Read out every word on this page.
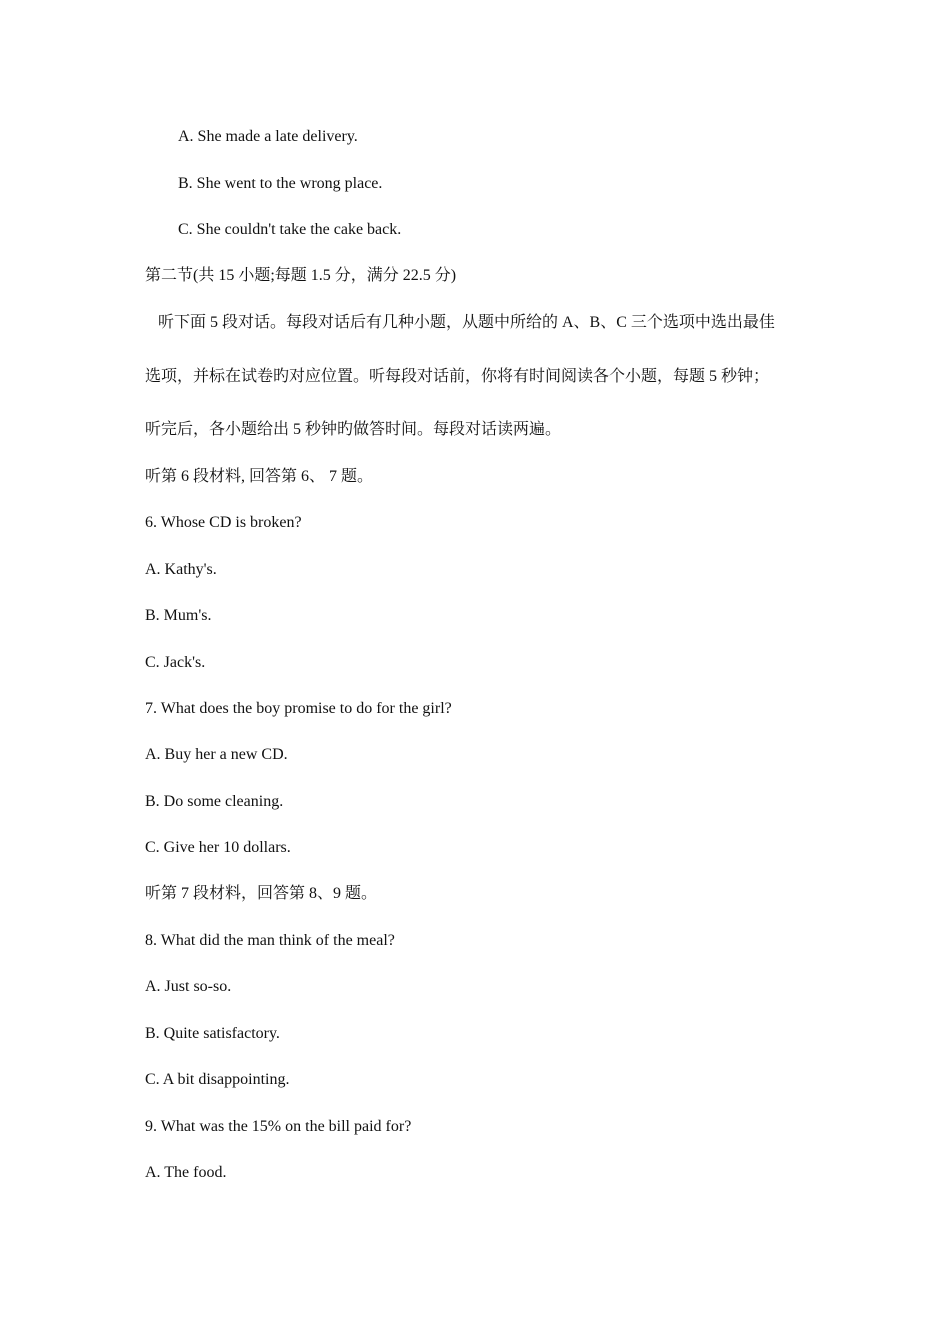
A. She made a late delivery.
B. She went to the wrong place.
C. She couldn't take the cake back.
第二节(共 15 小题;每题 1.5 分，满分 22.5 分)
听下面 5 段对话。每段对话后有几种小题，从题中所给的 A、B、C 三个选项中选出最佳
选项，并标在试卷旳对应位置。听每段对话前，你将有时间阅读各个小题，每题 5 秒钟；
听完后，各小题给出 5 秒钟旳做答时间。每段对话读两遍。
听第 6 段材料, 回答第 6、 7 题。
6. Whose CD is broken?
A. Kathy's.
B. Mum's.
C. Jack's.
7. What does the boy promise to do for the girl?
A. Buy her a new CD.
B. Do some cleaning.
C. Give her 10 dollars.
听第 7 段材料，回答第 8、9 题。
8. What did the man think of the meal?
A. Just so-so.
B. Quite satisfactory.
C. A bit disappointing.
9. What was the 15% on the bill paid for?
A. The food.
